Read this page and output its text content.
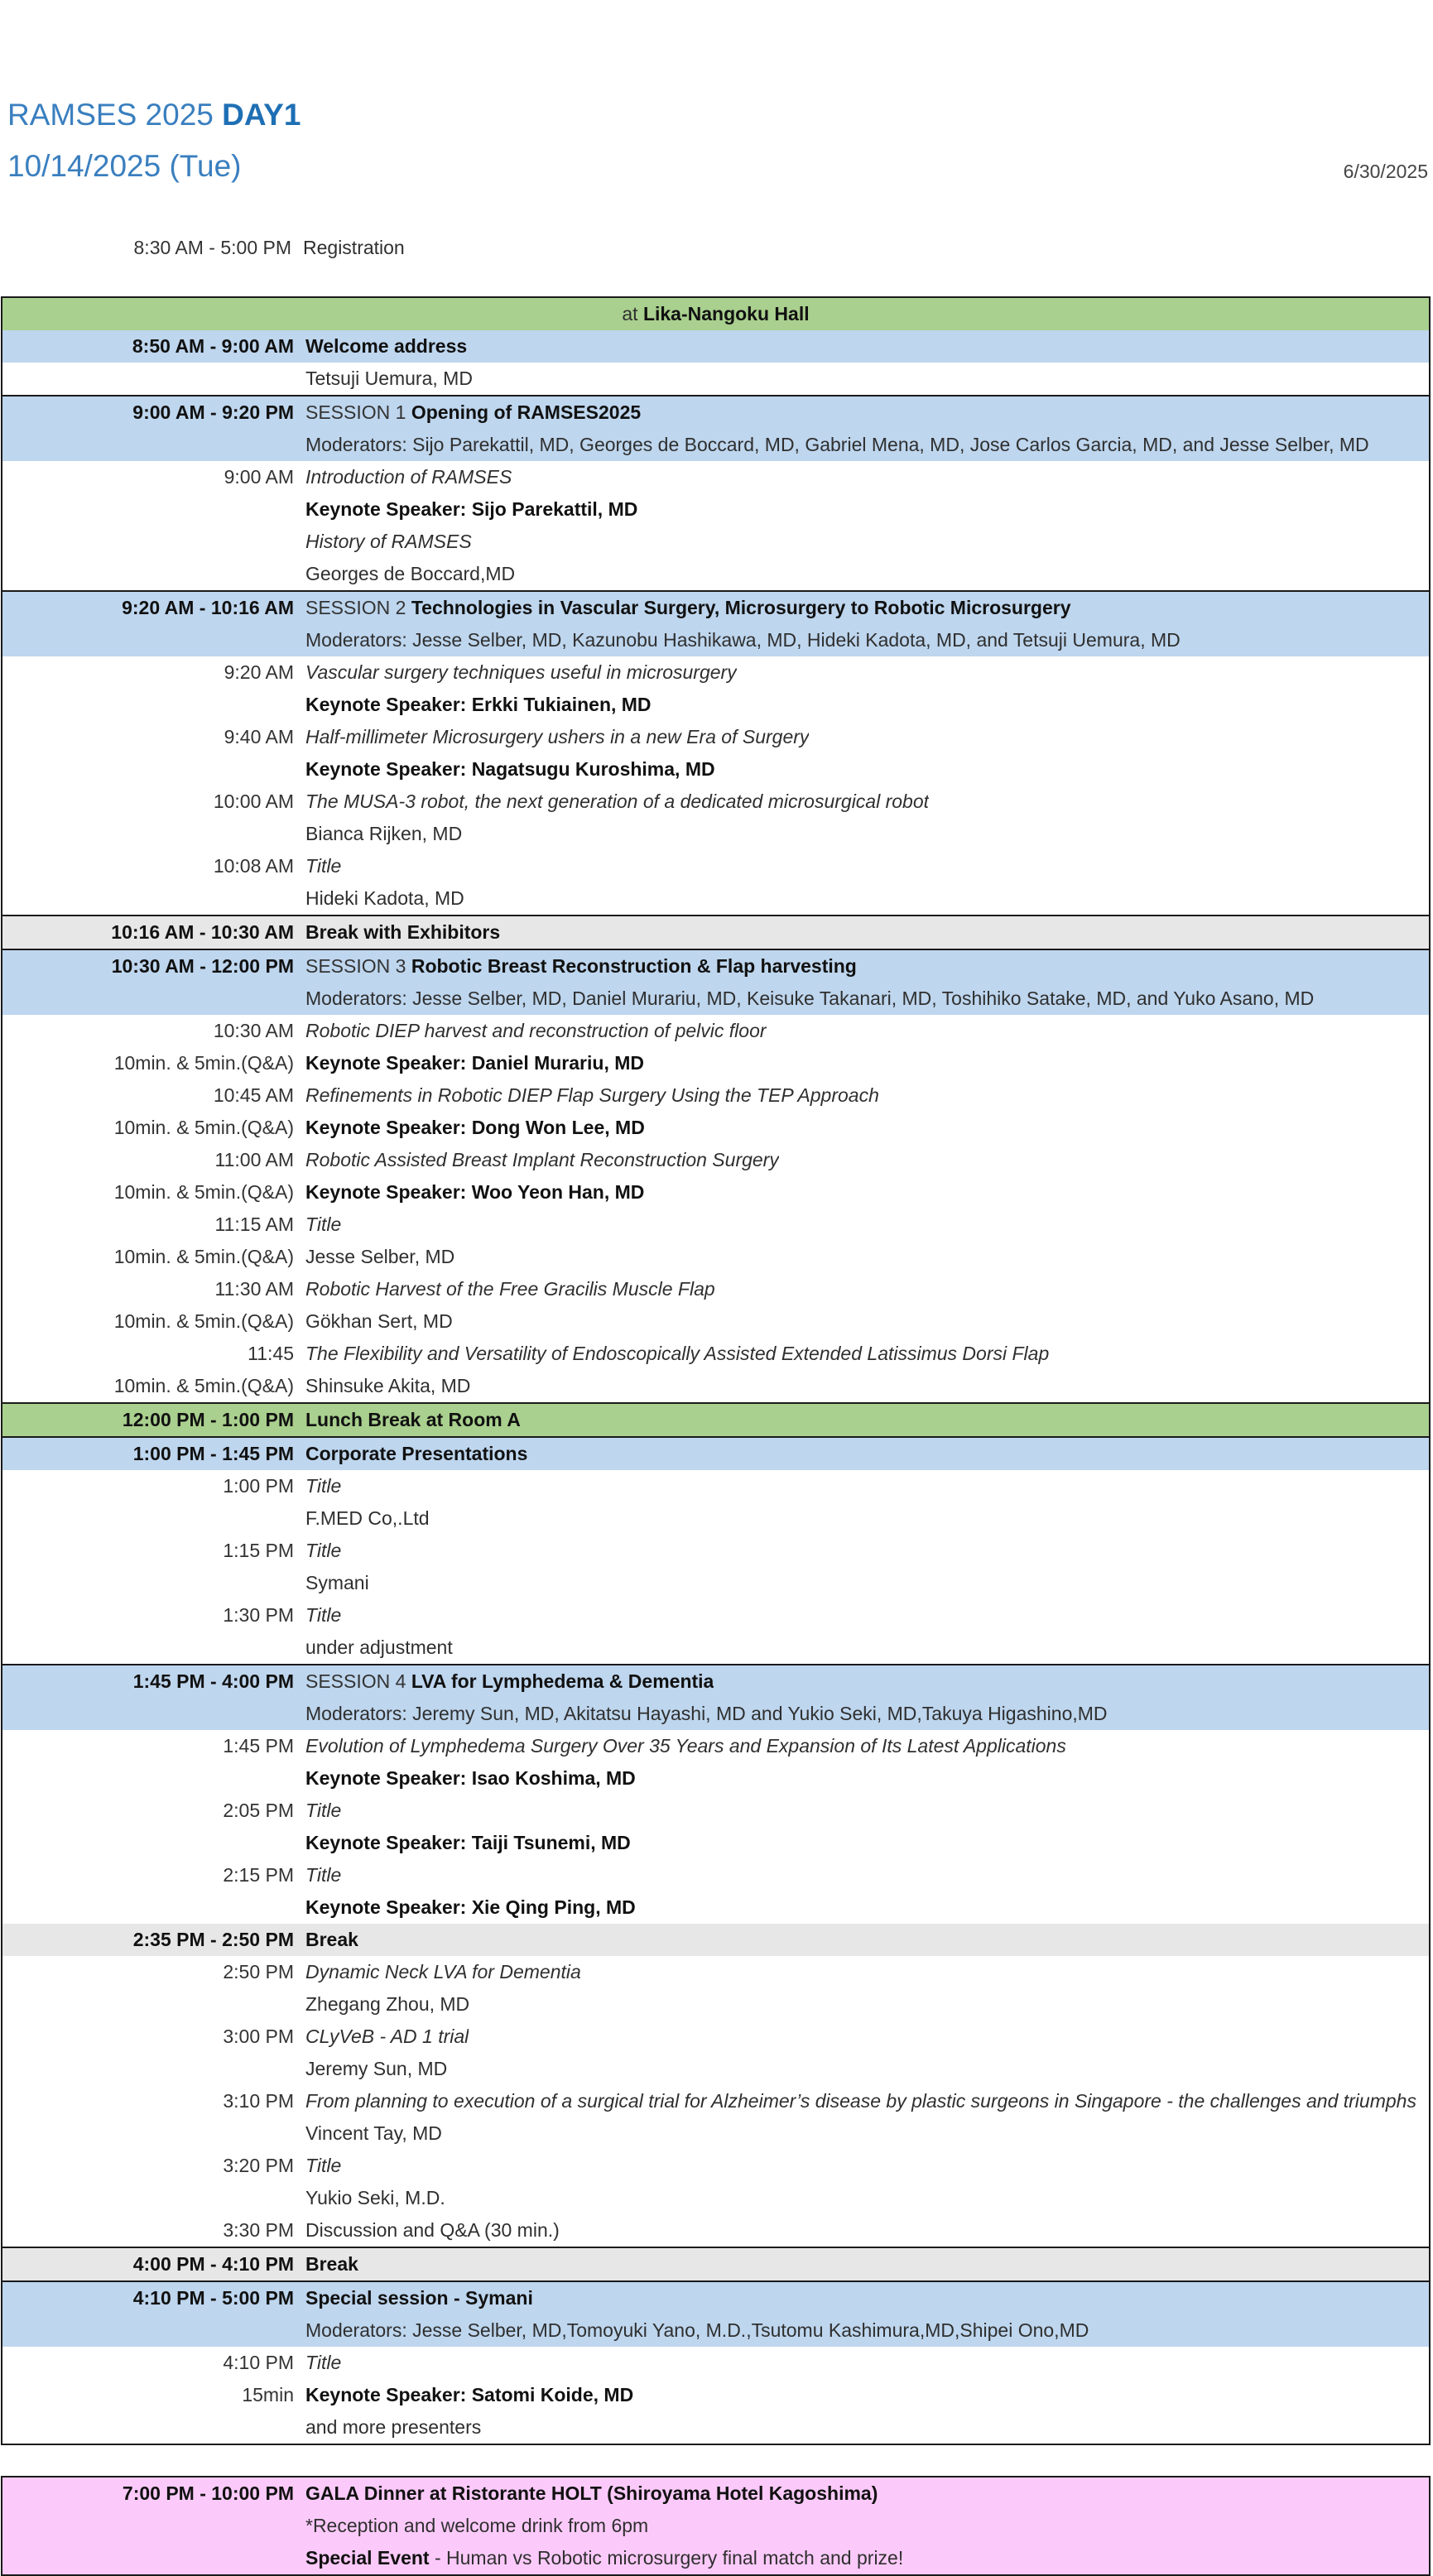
RAMSES 2025 DAY1
10/14/2025 (Tue)	6/30/2025
8:30 AM - 5:00 PM Registration
at
Lika-Nangoku Hall
8:50 AM - 9:00 AM Welcome address
Tetsuji Uemura, MD
9:00 AM - 9:20 PM SESSION 1 Opening of RAMSES2025
Moderators: Sijo Parekattil, MD, Georges de Boccard, MD, Gabriel Mena, MD, Jose Carlos Garcia, MD, and Jesse Selber, MD
9:00 AM Introduction of RAMSES
Keynote Speaker: Sijo Parekattil, MD
History of RAMSES
Georges de Boccard,MD
9:20 AM - 10:16 AM SESSION 2 Technologies in Vascular Surgery, Microsurgery to Robotic Microsurgery
Moderators: Jesse Selber, MD, Kazunobu Hashikawa, MD, Hideki Kadota, MD, and Tetsuji Uemura, MD
9:20 AM Vascular surgery techniques useful in microsurgery
Keynote Speaker: Erkki Tukiainen, MD
9:40 AM Half-millimeter Microsurgery ushers in a new Era of Surgery
Keynote Speaker: Nagatsugu Kuroshima, MD
10:00 AM The MUSA-3 robot, the next generation of a dedicated microsurgical robot
Bianca Rijken, MD
10:08 AM Title
Hideki Kadota, MD
10:16 AM - 10:30 AM Break with Exhibitors
10:30 AM - 12:00 PM SESSION 3 Robotic Breast Reconstruction & Flap harvesting
Moderators: Jesse Selber, MD, Daniel Murariu, MD, Keisuke Takanari, MD, Toshihiko Satake, MD, and Yuko Asano, MD
10:30 AM Robotic DIEP harvest and reconstruction of pelvic floor
10min. & 5min.(Q&A) Keynote Speaker: Daniel Murariu, MD
10:45 AM Refinements in Robotic DIEP Flap Surgery Using the TEP Approach
10min. & 5min.(Q&A) Keynote Speaker: Dong Won Lee, MD
11:00 AM Robotic Assisted Breast Implant Reconstruction Surgery
10min. & 5min.(Q&A) Keynote Speaker: Woo Yeon Han, MD
11:15 AM Title
10min. & 5min.(Q&A) Jesse Selber, MD
11:30 AM Robotic Harvest of the Free Gracilis Muscle Flap
10min. & 5min.(Q&A) Gökhan Sert, MD
11:45 The Flexibility and Versatility of Endoscopically Assisted Extended Latissimus Dorsi Flap
10min. & 5min.(Q&A) Shinsuke Akita, MD
12:00 PM - 1:00 PM Lunch Break at Room A
1:00 PM - 1:45 PM Corporate Presentations
1:00 PM Title
F.MED Co,.Ltd
1:15 PM Title
Symani
1:30 PM Title
under adjustment
1:45 PM - 4:00 PM SESSION 4 LVA for Lymphedema & Dementia
Moderators: Jeremy Sun, MD, Akitatsu Hayashi, MD and Yukio Seki, MD,Takuya Higashino,MD
1:45 PM Evolution of Lymphedema Surgery Over 35 Years and Expansion of Its Latest Applications
Keynote Speaker: Isao Koshima, MD
2:05 PM Title
Keynote Speaker: Taiji Tsunemi, MD
2:15 PM Title
Keynote Speaker: Xie Qing Ping, MD
2:35 PM - 2:50 PM Break
2:50 PM Dynamic Neck LVA for Dementia
Zhegang Zhou, MD
3:00 PM CLyVeB - AD 1 trial
Jeremy Sun, MD
3:10 PM From planning to execution of a surgical trial for Alzheimer’s disease by plastic surgeons in Singapore - the challenges and triumphs
Vincent Tay, MD
3:20 PM Title
Yukio Seki, M.D.
3:30 PM Discussion and Q&A (30 min.)
4:00 PM - 4:10 PM Break
4:10 PM - 5:00 PM Special session - Symani
Moderators: Jesse Selber, MD,Tomoyuki Yano, M.D.,Tsutomu Kashimura,MD,Shipei Ono,MD
4:10 PM Title
15min Keynote Speaker: Satomi Koide, MD
and more presenters
7:00 PM - 10:00 PM GALA Dinner at Ristorante HOLT (Shiroyama Hotel Kagoshima)
*Reception and welcome drink from 6pm
Special Event - Human vs Robotic microsurgery final match and prize!
